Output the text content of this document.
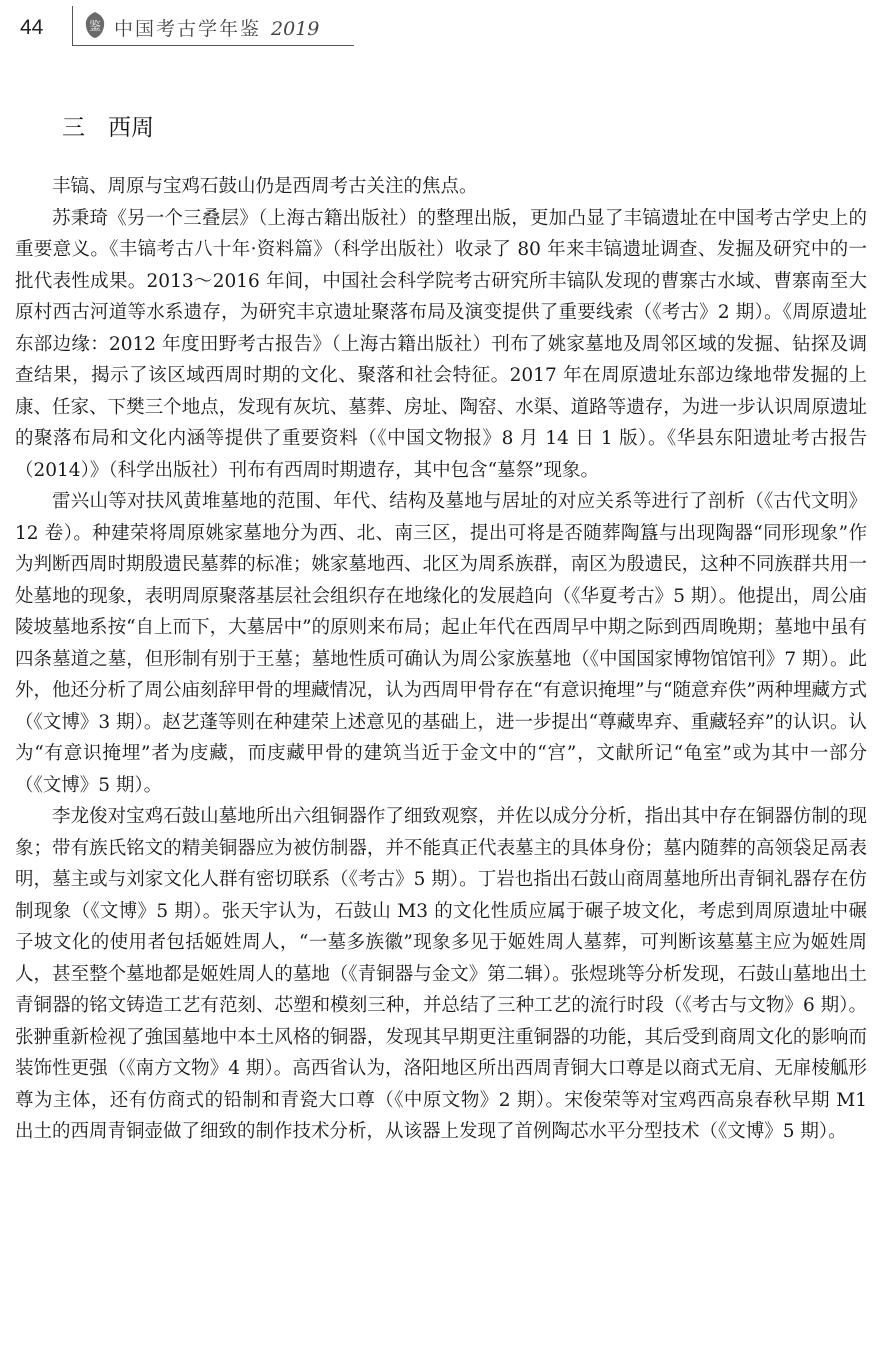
44	鉴 中国考古学年鉴 2019
三　西周

丰镐、周原与宝鸡石鼓山仍是西周考古关注的焦点。

苏秉琦《另一个三叠层》（上海古籍出版社）的整理出版，更加凸显了丰镐遗址在中国考古学史上的重要意义。《丰镐考古八十年·资料篇》（科学出版社）收录了 80 年来丰镐遗址调查、发掘及研究中的一批代表性成果。2013～2016 年间，中国社会科学院考古研究所丰镐队发现的曹寨古水域、曹寨南至大原村西古河道等水系遗存，为研究丰京遗址聚落布局及演变提供了重要线索（《考古》2 期）。《周原遗址东部边缘：2012 年度田野考古报告》（上海古籍出版社）刊布了姚家墓地及周邻区域的发掘、钻探及调查结果，揭示了该区域西周时期的文化、聚落和社会特征。2017 年在周原遗址东部边缘地带发掘的上康、任家、下樊三个地点，发现有灰坑、墓葬、房址、陶窑、水渠、道路等遗存，为进一步认识周原遗址的聚落布局和文化内涵等提供了重要资料（《中国文物报》8 月 14 日 1 版）。《华县东阳遗址考古报告（2014）》（科学出版社）刊布有西周时期遗存，其中包含“墓祭”现象。

雷兴山等对扶风黄堆墓地的范围、年代、结构及墓地与居址的对应关系等进行了剖析（《古代文明》12 卷）。种建荣将周原姚家墓地分为西、北、南三区，提出可将是否随葬陶簋与出现陶器“同形现象”作为判断西周时期殷遗民墓葬的标准；姚家墓地西、北区为周系族群，南区为殷遗民，这种不同族群共用一处墓地的现象，表明周原聚落基层社会组织存在地缘化的发展趋向（《华夏考古》5 期）。他提出，周公庙陵坡墓地系按“自上而下，大墓居中”的原则来布局；起止年代在西周早中期之际到西周晚期；墓地中虽有四条墓道之墓，但形制有别于王墓；墓地性质可确认为周公家族墓地（《中国国家博物馆馆刊》7 期）。此外，他还分析了周公庙刻辞甲骨的埋藏情况，认为西周甲骨存在“有意识掩埋”与“随意弃佚”两种埋藏方式（《文博》3 期）。赵艺蓬等则在种建荣上述意见的基础上，进一步提出“尊藏卑弃、重藏轻弃”的认识。认为“有意识掩埋”者为庋藏，而庋藏甲骨的建筑当近于金文中的“宫”，文献所记“龟室”或为其中一部分（《文博》5 期）。

李龙俊对宝鸡石鼓山墓地所出六组铜器作了细致观察，并佐以成分分析，指出其中存在铜器仿制的现象；带有族氏铭文的精美铜器应为被仿制器，并不能真正代表墓主的具体身份；墓内随葬的高领袋足鬲表明，墓主或与刘家文化人群有密切联系（《考古》5 期）。丁岩也指出石鼓山商周墓地所出青铜礼器存在仿制现象（《文博》5 期）。张天宇认为，石鼓山 M3 的文化性质应属于碾子坡文化，考虑到周原遗址中碾子坡文化的使用者包括姬姓周人，“一墓多族徽”现象多见于姬姓周人墓葬，可判断该墓墓主应为姬姓周人，甚至整个墓地都是姬姓周人的墓地（《青铜器与金文》第二辑）。张煜珧等分析发现，石鼓山墓地出土青铜器的铭文铸造工艺有范刻、芯塑和模刻三种，并总结了三种工艺的流行时段（《考古与文物》6 期）。张翀重新检视了強国墓地中本土风格的铜器，发现其早期更注重铜器的功能，其后受到商周文化的影响而装饰性更强（《南方文物》4 期）。高西省认为，洛阳地区所出西周青铜大口尊是以商式无肩、无扉棱觚形尊为主体，还有仿商式的铅制和青瓷大口尊（《中原文物》2 期）。宋俊荣等对宝鸡西高泉春秋早期 M1 出土的西周青铜壶做了细致的制作技术分析，从该器上发现了首例陶芯水平分型技术（《文博》5 期）。
